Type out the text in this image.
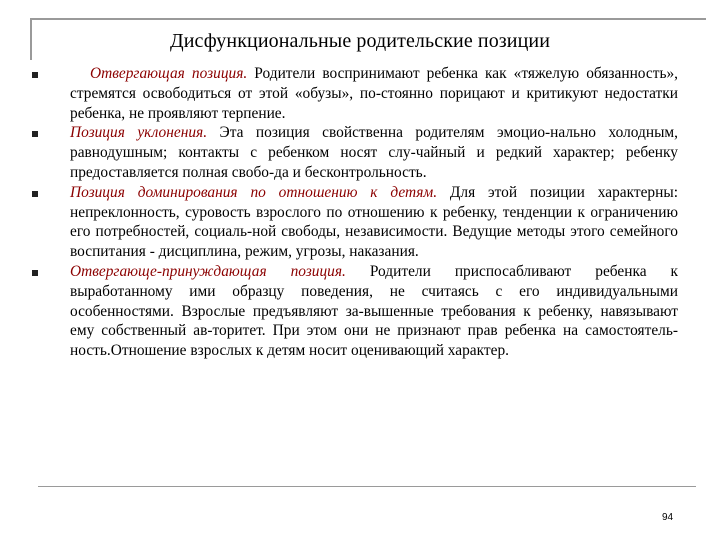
Дисфункциональные родительские позиции
Отвергающая позиция. Родители воспринимают ребенка как «тяжелую обязанность», стремятся освободиться от этой «обузы», по-стоянно порицают и критикуют недостатки ребенка, не проявляют терпение.
Позиция уклонения. Эта позиция свойственна родителям эмоцио-нально холодным, равнодушным; контакты с ребенком носят слу-чайный и редкий характер; ребенку предоставляется полная свобо-да и бесконтрольность.
Позиция доминирования по отношению к детям. Для этой позиции характерны: непреклонность, суровость взрослого по отношению к ребенку, тенденции к ограничению его потребностей, социаль-ной свободы, независимости. Ведущие методы этого семейного воспитания - дисциплина, режим, угрозы, наказания.
Отвергающе-принуждающая позиция. Родители приспосабливают ребенка к выработанному ими образцу поведения, не считаясь с его индивидуальными особенностями. Взрослые предъявляют за-вышенные требования к ребенку, навязывают ему собственный ав-торитет. При этом они не признают прав ребенка на самостоятель-ность.Отношение взрослых к детям носит оценивающий характер.
94
